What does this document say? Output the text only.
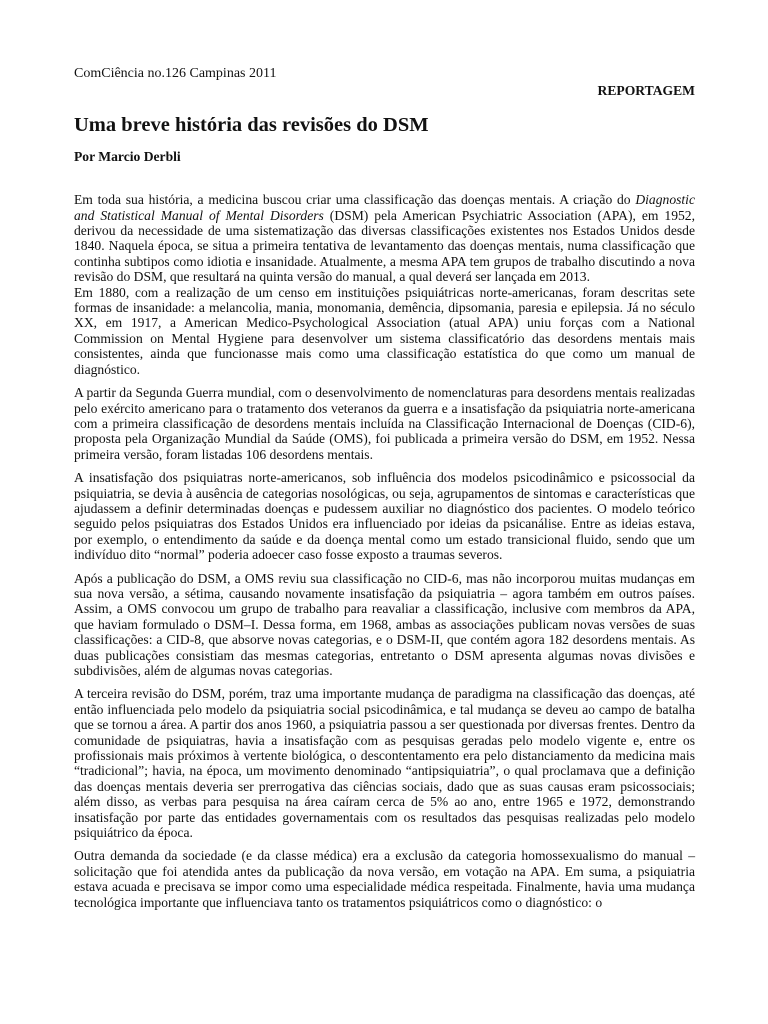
ComCiência no.126 Campinas 2011
REPORTAGEM
Uma breve história das revisões do DSM
Por Marcio Derbli

Em toda sua história, a medicina buscou criar uma classificação das doenças mentais. A criação do Diagnostic and Statistical Manual of Mental Disorders (DSM) pela American Psychiatric Association (APA), em 1952, derivou da necessidade de uma sistematização das diversas classificações existentes nos Estados Unidos desde 1840. Naquela época, se situa a primeira tentativa de levantamento das doenças mentais, numa classificação que continha subtipos como idiotia e insanidade. Atualmente, a mesma APA tem grupos de trabalho discutindo a nova revisão do DSM, que resultará na quinta versão do manual, a qual deverá ser lançada em 2013.

Em 1880, com a realização de um censo em instituições psiquiátricas norte-americanas, foram descritas sete formas de insanidade: a melancolia, mania, monomania, demência, dipsomania, paresia e epilepsia. Já no século XX, em 1917, a American Medico-Psychological Association (atual APA) uniu forças com a National Commission on Mental Hygiene para desenvolver um sistema classificatório das desordens mentais mais consistentes, ainda que funcionasse mais como uma classificação estatística do que como um manual de diagnóstico.

A partir da Segunda Guerra mundial, com o desenvolvimento de nomenclaturas para desordens mentais realizadas pelo exército americano para o tratamento dos veteranos da guerra e a insatisfação da psiquiatria norte-americana com a primeira classificação de desordens mentais incluída na Classificação Internacional de Doenças (CID-6), proposta pela Organização Mundial da Saúde (OMS), foi publicada a primeira versão do DSM, em 1952. Nessa primeira versão, foram listadas 106 desordens mentais.

A insatisfação dos psiquiatras norte-americanos, sob influência dos modelos psicodinâmico e psicossocial da psiquiatria, se devia à ausência de categorias nosológicas, ou seja, agrupamentos de sintomas e características que ajudassem a definir determinadas doenças e pudessem auxiliar no diagnóstico dos pacientes. O modelo teórico seguido pelos psiquiatras dos Estados Unidos era influenciado por ideias da psicanálise. Entre as ideias estava, por exemplo, o entendimento da saúde e da doença mental como um estado transicional fluido, sendo que um indivíduo dito “normal” poderia adoecer caso fosse exposto a traumas severos.

Após a publicação do DSM, a OMS reviu sua classificação no CID-6, mas não incorporou muitas mudanças em sua nova versão, a sétima, causando novamente insatisfação da psiquiatria – agora também em outros países. Assim, a OMS convocou um grupo de trabalho para reavaliar a classificação, inclusive com membros da APA, que haviam formulado o DSM–I. Dessa forma, em 1968, ambas as associações publicam novas versões de suas classificações: a CID-8, que absorve novas categorias, e o DSM-II, que contém agora 182 desordens mentais. As duas publicações consistiam das mesmas categorias, entretanto o DSM apresenta algumas novas divisões e subdivisões, além de algumas novas categorias.

A terceira revisão do DSM, porém, traz uma importante mudança de paradigma na classificação das doenças, até então influenciada pelo modelo da psiquiatria social psicodinâmica, e tal mudança se deveu ao campo de batalha que se tornou a área. A partir dos anos 1960, a psiquiatria passou a ser questionada por diversas frentes. Dentro da comunidade de psiquiatras, havia a insatisfação com as pesquisas geradas pelo modelo vigente e, entre os profissionais mais próximos à vertente biológica, o descontentamento era pelo distanciamento da medicina mais “tradicional”; havia, na época, um movimento denominado “antipsiquiatria”, o qual proclamava que a definição das doenças mentais deveria ser prerrogativa das ciências sociais, dado que as suas causas eram psicossociais; além disso, as verbas para pesquisa na área caíram cerca de 5% ao ano, entre 1965 e 1972, demonstrando insatisfação por parte das entidades governamentais com os resultados das pesquisas realizadas pelo modelo psiquiátrico da época.

Outra demanda da sociedade (e da classe médica) era a exclusão da categoria homossexualismo do manual – solicitação que foi atendida antes da publicação da nova versão, em votação na APA. Em suma, a psiquiatria estava acuada e precisava se impor como uma especialidade médica respeitada. Finalmente, havia uma mudança tecnológica importante que influenciava tanto os tratamentos psiquiátricos como o diagnóstico: o
